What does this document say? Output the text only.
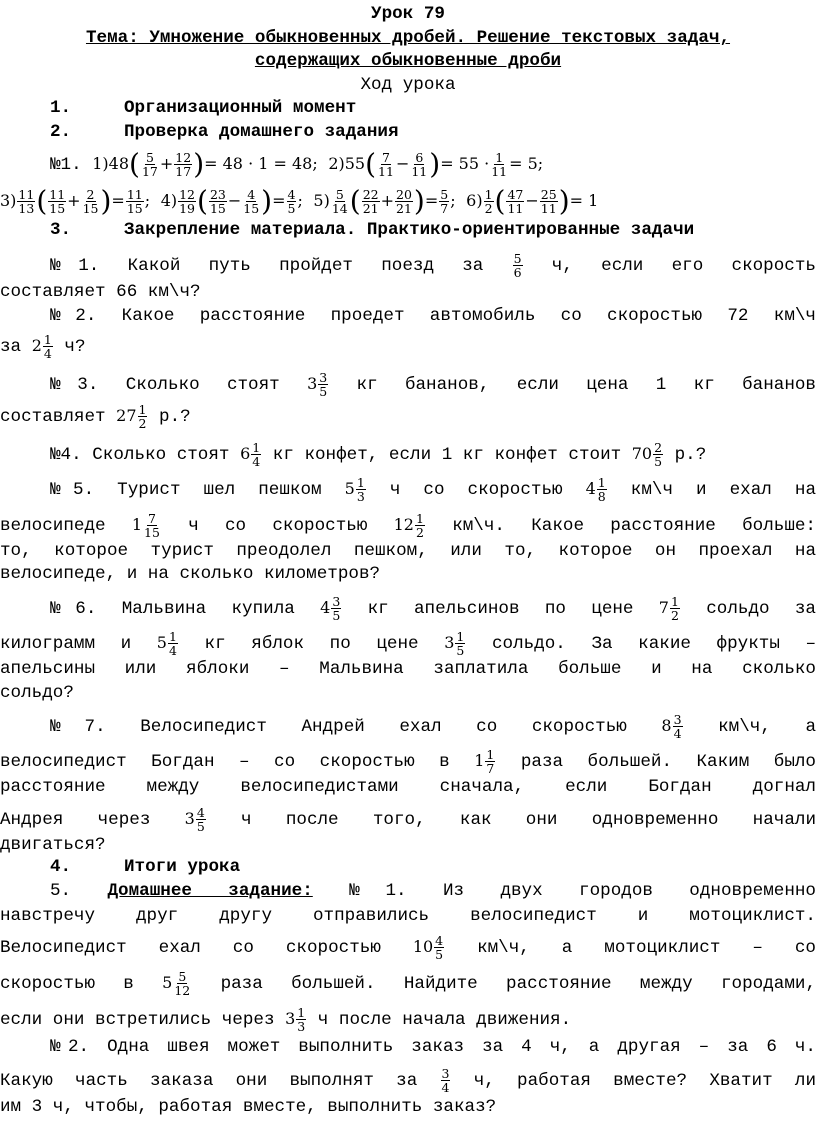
Урок 79
Тема: Умножение обыкновенных дробей. Решение текстовых задач,
содержащих обыкновенные дроби
Ход урока
1.	Организационный момент
2.	Проверка домашнего задания
№1. $1)48( \frac{5}{17} + \frac{12}{17}$ )= 48 · 1 = 48; $2)55( \frac{7}{11} - \frac{6}{11}$ )= $55 \cdot \frac{1}{11} = 5$;
$3) \frac{11}{13}$ ( $\frac{11}{15} + \frac{2}{15}$ )= $\frac{11}{15}$ ; $4) \frac{12}{19}$ ( $\frac{23}{15} - \frac{4}{15}$ )= $\frac{4}{5}$ ; $5) \frac{5}{14}$ ( $\frac{22}{21} + \frac{20}{21}$ )= $\frac{5}{7}$ ; $6) \frac{1}{2}$ ( $\frac{47}{11} - \frac{25}{11}$ )= 1
3.	Закрепление материала. Практико-ориентированные задачи
№1. Какой путь пройдет поезд за $\frac{5}{6} ч$, если его скорость
составляет 66 км\ч?
№2. Какое расстояние проедет автомобиль со скоростью 72 км\ч
за $2 \frac{1}{4} ч$?
№3. Сколько стоят $3 \frac{3}{5}$ кг бананов, если цена 1 кг бананов
составляет $27 \frac{1}{2} р$.?
№4. Сколько стоят $6 \frac{1}{4}$ кг конфет, если 1 кг конфет стоит $70 \frac{2}{5} р$.?
№5. Турист шел пешком $5 \frac{1}{3}$ ч со скоростью $4 \frac{1}{8}$ км\ч и ехал на
велосипеде $1 \frac{7}{15}$ ч со скоростью $12 \frac{1}{2}$ км\ч. Какое расстояние больше:
то, которое турист преодолел пешком, или то, которое он проехал на
велосипеде, и на сколько километров?
№6. Мальвина купила $4 \frac{3}{5}$ кг апельсинов по цене $7 \frac{1}{2}$ сольдо за
килограмм и $5 \frac{1}{4}$ кг яблок по цене $3 \frac{1}{5}$ сольдо. За какие фрукты –
апельсины или яблоки – Мальвина заплатила больше и на сколько
сольдо?
№7. Велосипедист Андрей ехал со скоростью $8 \frac{3}{4}$ км\ч, а
велосипедист Богдан – со скоростью в $1 \frac{1}{7}$ раза большей. Каким было
расстояние между велосипедистами сначала, если Богдан догнал
Андрея через $3 \frac{4}{5}$ ч после того, как они одновременно начали
двигаться?
4.	Итоги урока
5. Домашнее задание: №1. Из двух городов одновременно
навстречу друг другу отправились велосипедист и мотоциклист.
Велосипедист ехал со скоростью $10 \frac{4}{5}$ км\ч, а мотоциклист – со
скоростью в $5 \frac{5}{12}$ раза большей. Найдите расстояние между городами,
если они встретились через $3 \frac{1}{3}$ ч после начала движения.
№2. Одна швея может выполнить заказ за 4 ч, а другая – за 6 ч.
Какую часть заказа они выполнят за $\frac{3}{4} ч$, работая вместе? Хватит ли
им 3 ч, чтобы, работая вместе, выполнить заказ?
